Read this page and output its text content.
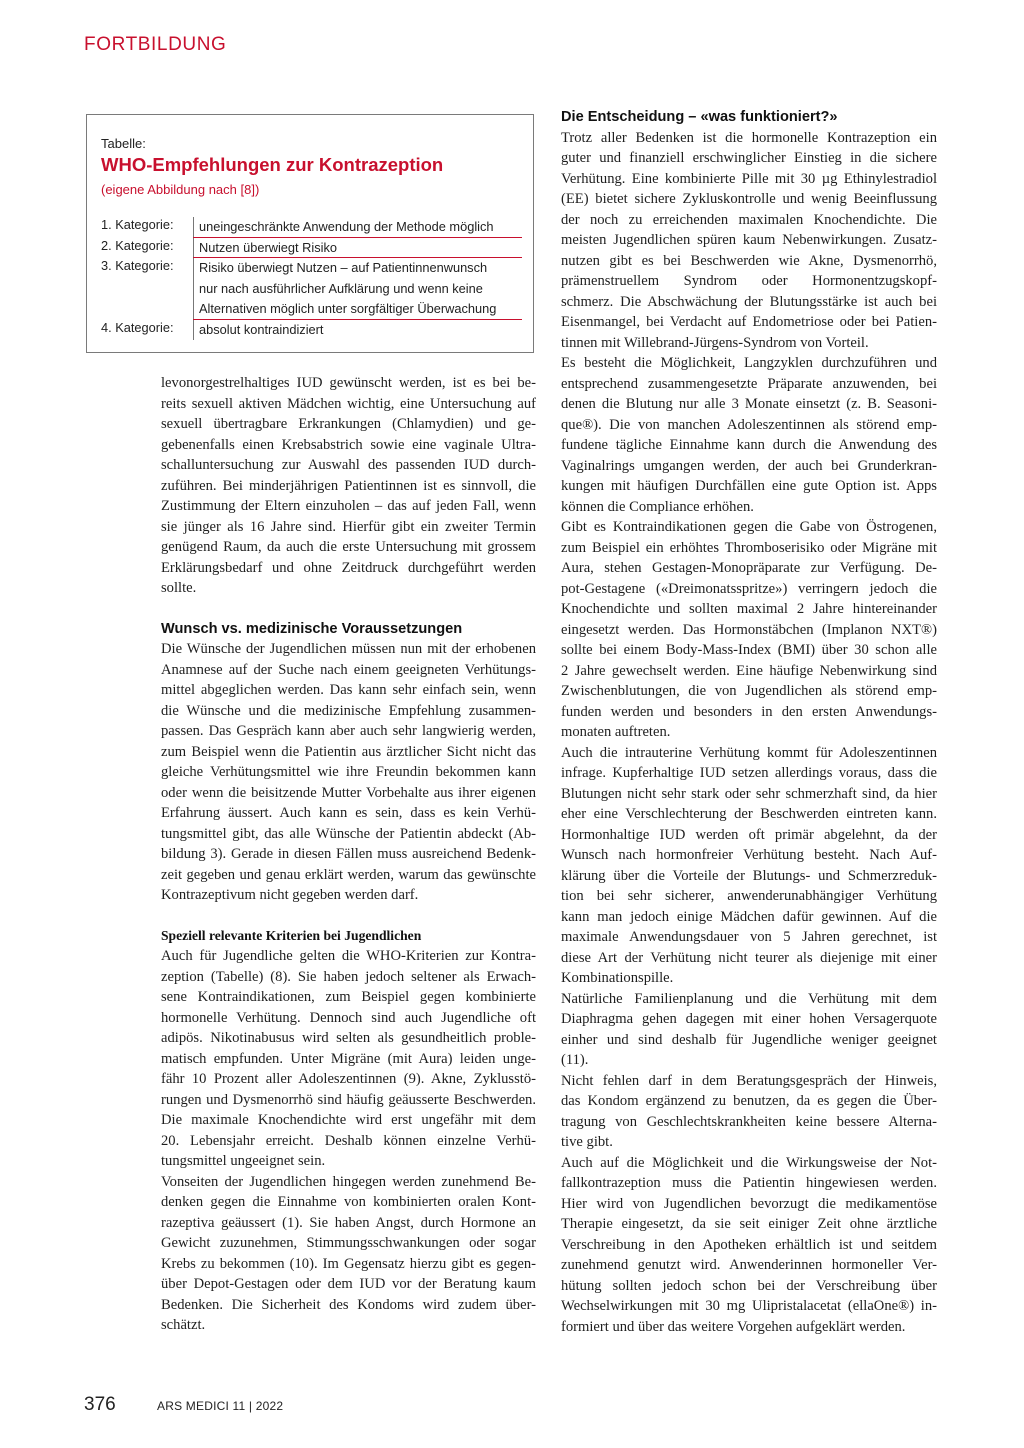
FORTBILDUNG
Tabelle:
WHO-Empfehlungen zur Kontrazeption
(eigene Abbildung nach [8])
1. Kategorie: uneingeschränkte Anwendung der Methode möglich
2. Kategorie: Nutzen überwiegt Risiko
3. Kategorie: Risiko überwiegt Nutzen – auf Patientinnenwunsch
nur nach ausführlicher Aufklärung und wenn keine
Alternativen möglich unter sorgfältiger Überwachung
4. Kategorie: absolut kontraindiziert
levonorgestrelhaltiges IUD gewünscht werden, ist es bei be-
reits sexuell aktiven Mädchen wichtig, eine Untersuchung auf
sexuell übertragbare Erkrankungen (Chlamydien) und ge-
gebenenfalls einen Krebsabstrich sowie eine vaginale Ultra-
schalluntersuchung zur Auswahl des passenden IUD durch-
zuführen. Bei minderjährigen Patientinnen ist es sinnvoll, die
Zustimmung der Eltern einzuholen – das auf jeden Fall, wenn
sie jünger als 16 Jahre sind. Hierfür gibt ein zweiter Termin
genügend Raum, da auch die erste Untersuchung mit grossem
Erklärungsbedarf und ohne Zeitdruck durchgeführt werden
sollte.
Wunsch vs. medizinische Voraussetzungen
Die Wünsche der Jugendlichen müssen nun mit der erhobenen
Anamnese auf der Suche nach einem geeigneten Verhütungs-
mittel abgeglichen werden. Das kann sehr einfach sein, wenn
die Wünsche und die medizinische Empfehlung zusammen-
passen. Das Gespräch kann aber auch sehr langwierig werden,
zum Beispiel wenn die Patientin aus ärztlicher Sicht nicht das
gleiche Verhütungsmittel wie ihre Freundin bekommen kann
oder wenn die beisitzende Mutter Vorbehalte aus ihrer eigenen
Erfahrung äussert. Auch kann es sein, dass es kein Verhü-
tungsmittel gibt, das alle Wünsche der Patientin abdeckt (Ab-
bildung 3). Gerade in diesen Fällen muss ausreichend Bedenk-
zeit gegeben und genau erklärt werden, warum das gewünschte
Kontrazeptivum nicht gegeben werden darf.
Speziell relevante Kriterien bei Jugendlichen
Auch für Jugendliche gelten die WHO-Kriterien zur Kontra-
zeption (Tabelle) (8). Sie haben jedoch seltener als Erwach-
sene Kontraindikationen, zum Beispiel gegen kombinierte
hormonelle Verhütung. Dennoch sind auch Jugendliche oft
adipös. Nikotinabusus wird selten als gesundheitlich proble-
matisch empfunden. Unter Migräne (mit Aura) leiden unge-
fähr 10 Prozent aller Adoleszentinnen (9). Akne, Zyklusstö-
rungen und Dysmenorrhö sind häufig geäusserte Beschwerden.
Die maximale Knochendichte wird erst ungefähr mit dem
20. Lebensjahr erreicht. Deshalb können einzelne Verhü-
tungsmittel ungeeignet sein.
Vonseiten der Jugendlichen hingegen werden zunehmend Be-
denken gegen die Einnahme von kombinierten oralen Kont-
razeptiva geäussert (1). Sie haben Angst, durch Hormone an
Gewicht zuzunehmen, Stimmungsschwankungen oder sogar
Krebs zu bekommen (10). Im Gegensatz hierzu gibt es gegen-
über Depot-Gestagen oder dem IUD vor der Beratung kaum
Bedenken. Die Sicherheit des Kondoms wird zudem über-
schätzt.
Die Entscheidung – «was funktioniert?»
Trotz aller Bedenken ist die hormonelle Kontrazeption ein
guter und finanziell erschwinglicher Einstieg in die sichere
Verhütung. Eine kombinierte Pille mit 30 µg Ethinylestradiol
(EE) bietet sichere Zykluskontrolle und wenig Beeinflussung
der noch zu erreichenden maximalen Knochendichte. Die
meisten Jugendlichen spüren kaum Nebenwirkungen. Zusatz-
nutzen gibt es bei Beschwerden wie Akne, Dysmenorrhö,
prämenstruellem Syndrom oder Hormonentzugskopf-
schmerz. Die Abschwächung der Blutungsstärke ist auch bei
Eisenmangel, bei Verdacht auf Endometriose oder bei Patien-
tinnen mit Willebrand-Jürgens-Syndrom von Vorteil.
Es besteht die Möglichkeit, Langzyklen durchzuführen und
entsprechend zusammengesetzte Präparate anzuwenden, bei
denen die Blutung nur alle 3 Monate einsetzt (z. B. Seasoni-
que®). Die von manchen Adoleszentinnen als störend emp-
fundene tägliche Einnahme kann durch die Anwendung des
Vaginalrings umgangen werden, der auch bei Grunderkran-
kungen mit häufigen Durchfällen eine gute Option ist. Apps
können die Compliance erhöhen.
Gibt es Kontraindikationen gegen die Gabe von Östrogenen,
zum Beispiel ein erhöhtes Thromboserisiko oder Migräne mit
Aura, stehen Gestagen-Monopräparate zur Verfügung. De-
pot-Gestagene («Dreimonatsspritze») verringern jedoch die
Knochendichte und sollten maximal 2 Jahre hintereinander
eingesetzt werden. Das Hormonstäbchen (Implanon NXT®)
sollte bei einem Body-Mass-Index (BMI) über 30 schon alle
2 Jahre gewechselt werden. Eine häufige Nebenwirkung sind
Zwischenblutungen, die von Jugendlichen als störend emp-
funden werden und besonders in den ersten Anwendungs-
monaten auftreten.
Auch die intrauterine Verhütung kommt für Adoleszentinnen
infrage. Kupferhaltige IUD setzen allerdings voraus, dass die
Blutungen nicht sehr stark oder sehr schmerzhaft sind, da hier
eher eine Verschlechterung der Beschwerden eintreten kann.
Hormonhaltige IUD werden oft primär abgelehnt, da der
Wunsch nach hormonfreier Verhütung besteht. Nach Auf-
klärung über die Vorteile der Blutungs- und Schmerzreduk-
tion bei sehr sicherer, anwenderunabhängiger Verhütung
kann man jedoch einige Mädchen dafür gewinnen. Auf die
maximale Anwendungsdauer von 5 Jahren gerechnet, ist
diese Art der Verhütung nicht teurer als diejenige mit einer
Kombinationspille.
Natürliche Familienplanung und die Verhütung mit dem
Diaphragma gehen dagegen mit einer hohen Versagerquote
einher und sind deshalb für Jugendliche weniger geeignet
(11).
Nicht fehlen darf in dem Beratungsgespräch der Hinweis,
das Kondom ergänzend zu benutzen, da es gegen die Über-
tragung von Geschlechtskrankheiten keine bessere Alterna-
tive gibt.
Auch auf die Möglichkeit und die Wirkungsweise der Not-
fallkontrazeption muss die Patientin hingewiesen werden.
Hier wird von Jugendlichen bevorzugt die medikamentöse
Therapie eingesetzt, da sie seit einiger Zeit ohne ärztliche
Verschreibung in den Apotheken erhältlich ist und seitdem
zunehmend genutzt wird. Anwenderinnen hormoneller Ver-
hütung sollten jedoch schon bei der Verschreibung über
Wechselwirkungen mit 30 mg Ulipristalacetat (ellaOne®) in-
formiert und über das weitere Vorgehen aufgeklärt werden.
376	ARS MEDICI 11 | 2022
